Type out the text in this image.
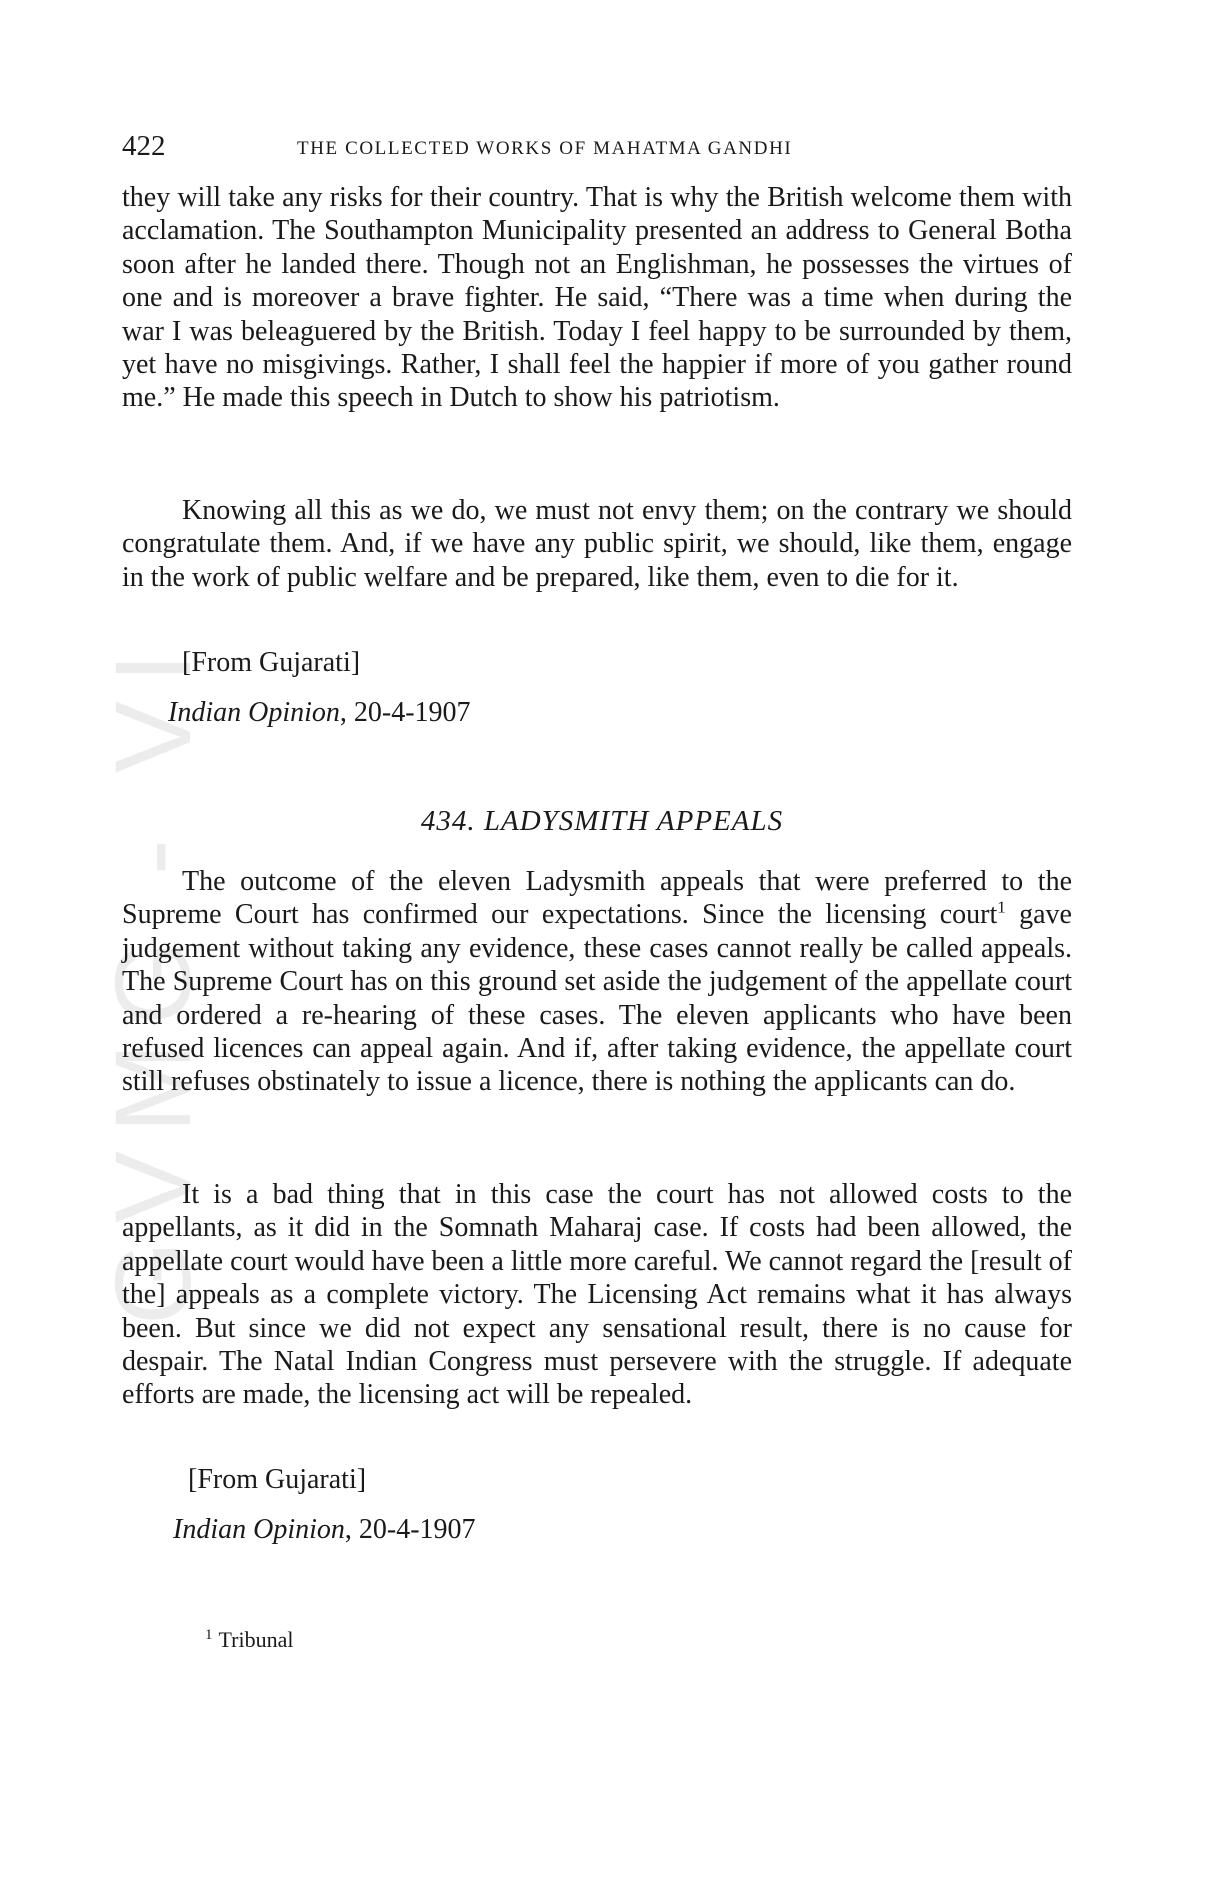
GVMG - VI
422	THE COLLECTED WORKS OF MAHATMA GANDHI

they will take any risks for their country. That is why the British welcome them with acclamation. The Southampton Municipality presented an address to General Botha soon after he landed there. Though not an Englishman, he possesses the virtues of one and is moreover a brave fighter. He said, “There was a time when during the war I was beleaguered by the British. Today I feel happy to be surrounded by them, yet have no misgivings. Rather, I shall feel the happier if more of you gather round me.” He made this speech in Dutch to show his patriotism.

Knowing all this as we do, we must not envy them; on the contrary we should congratulate them. And, if we have any public spirit, we should, like them, engage in the work of public welfare and be prepared, like them, even to die for it.

[From Gujarati]
Indian Opinion, 20-4-1907
434. LADYSMITH APPEALS

The outcome of the eleven Ladysmith appeals that were preferred to the Supreme Court has confirmed our expectations. Since the licensing court$^1$ gave judgement without taking any evidence, these cases cannot really be called appeals. The Supreme Court has on this ground set aside the judgement of the appellate court and ordered a re-hearing of these cases. The eleven applicants who have been refused licences can appeal again. And if, after taking evidence, the appellate court still refuses obstinately to issue a licence, there is nothing the applicants can do.

It is a bad thing that in this case the court has not allowed costs to the appellants, as it did in the Somnath Maharaj case. If costs had been allowed, the appellate court would have been a little more careful. We cannot regard the [result of the] appeals as a complete victory. The Licensing Act remains what it has always been. But since we did not expect any sensational result, there is no cause for despair. The Natal Indian Congress must persevere with the struggle. If adequate efforts are made, the licensing act will be repealed.

[From Gujarati]
Indian Opinion, 20-4-1907
$^1$ Tribunal
